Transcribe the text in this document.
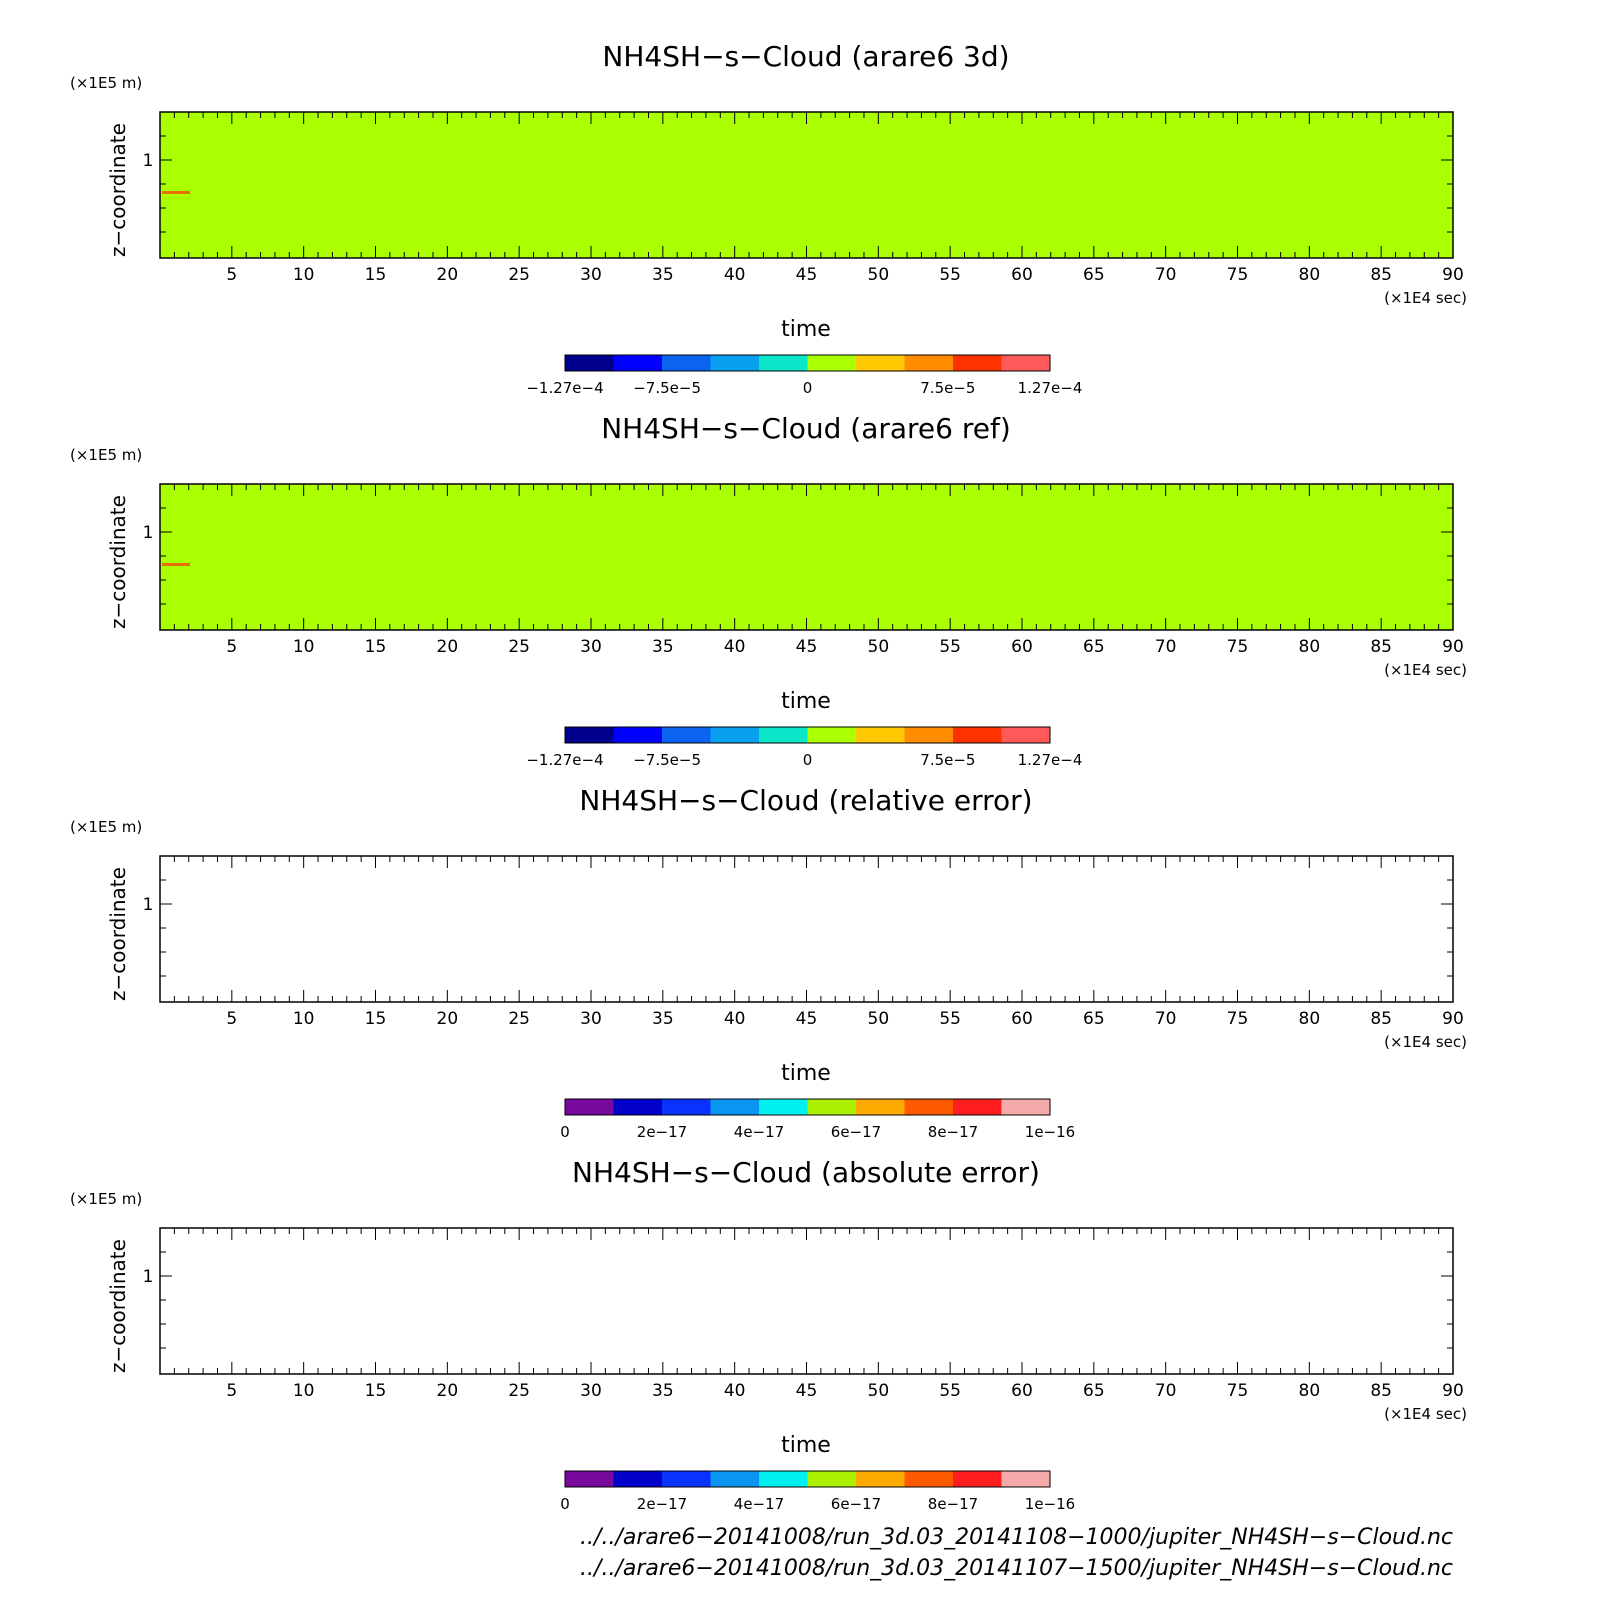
NH4SH−s−Cloud (arare6 3d)
(×1E5 m)
5	10	15	20	25	30	35	40	45	50	55	60	65	70	75	80	85	90
(×1E4 sec)
time
1
z−coordinate
−1.27e−4 −7.5e−5	0	7.5e−5	1.27e−4
NH4SH−s−Cloud (arare6 ref)
(×1E5 m)
5	10	15	20	25	30	35	40	45	50	55	60	65	70	75	80	85	90
(×1E4 sec)
time
1
z−coordinate
−1.27e−4 −7.5e−5	0	7.5e−5	1.27e−4
NH4SH−s−Cloud (relative error)
(×1E5 m)
5	10	15	20	25	30	35	40	45	50	55	60	65	70	75	80	85	90
(×1E4 sec)
time
1
z−coordinate
0	2e−17	4e−17	6e−17	8e−17	1e−16
NH4SH−s−Cloud (absolute error)
(×1E5 m)
5	10	15	20	25	30	35	40	45	50	55	60	65	70	75	80	85	90
(×1E4 sec)
time
1
z−coordinate
0	2e−17	4e−17	6e−17	8e−17	1e−16
../../arare6−20141008/run_3d.03_20141108−1000/jupiter_NH4SH−s−Cloud.nc
../../arare6−20141008/run_3d.03_20141107−1500/jupiter_NH4SH−s−Cloud.nc
